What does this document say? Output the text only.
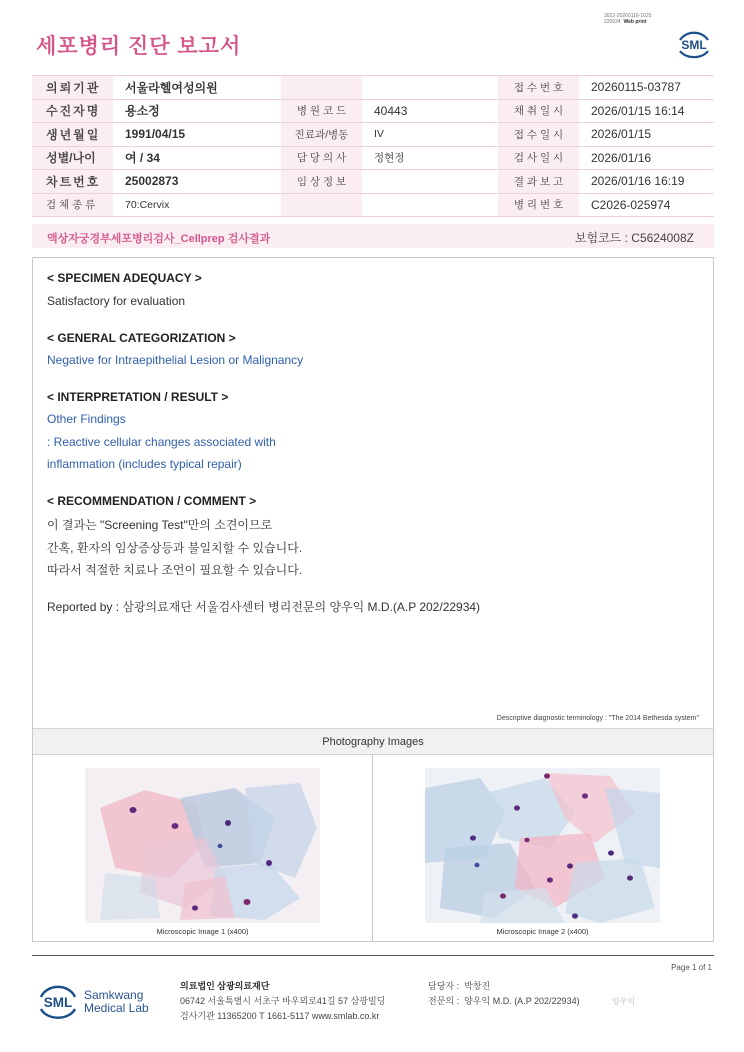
세포병리 진단 보고서
3022-20260116-1625
220024 Web print
SML
의뢰기관	서울라헬여성의원			접 수 번 호	20260115-03787
수진자명	용소정	병 원 코 드	40443	채 취 일 시	2026/01/15 16:14
생년월일	1991/04/15	진료과/병동	IV	접 수 일 시	2026/01/15
성별/나이	여 / 34	담 당 의 사	정현정	검 사 일 시	2026/01/16
차트번호	25002873	임 상 정 보		결 과 보 고	2026/01/16 16:19
검 체 종 류	70:Cervix			병 리 번 호	C2026-025974
액상자궁경부세포병리검사_Cellprep 검사결과	보험코드 : C5624008Z
< SPECIMEN ADEQUACY >
Satisfactory for evaluation
< GENERAL CATEGORIZATION >
Negative for Intraepithelial Lesion or Malignancy
< INTERPRETATION / RESULT >
Other Findings
: Reactive cellular changes associated with
inflammation (includes typical repair)
< RECOMMENDATION / COMMENT >
이 결과는 "Screening Test"만의 소견이므로
간혹, 환자의 임상증상등과 불일치할 수 있습니다.
따라서 적절한 치료나 조언이 필요할 수 있습니다.
Reported by : 삼광의료재단 서울검사센터 병리전문의 양우익 M.D.(A.P 202/22934)
Descriptive diagnostic terminology : "The 2014 Bethesda system"
Photography Images
Microscopic Image 1 (x400)	Microscopic Image 2 (x400)
Page 1 of 1
SML Samkwang
Medical Lab
의료법인 삼광의료재단
06742 서울특별시 서초구 바우뫼로41길 57 삼광빌딩
검사기관 11365200 T 1661-5117 www.smlab.co.kr
담당자 : 박창진
전문의 : 양우익 M.D. (A.P 202/22934)	양우익
